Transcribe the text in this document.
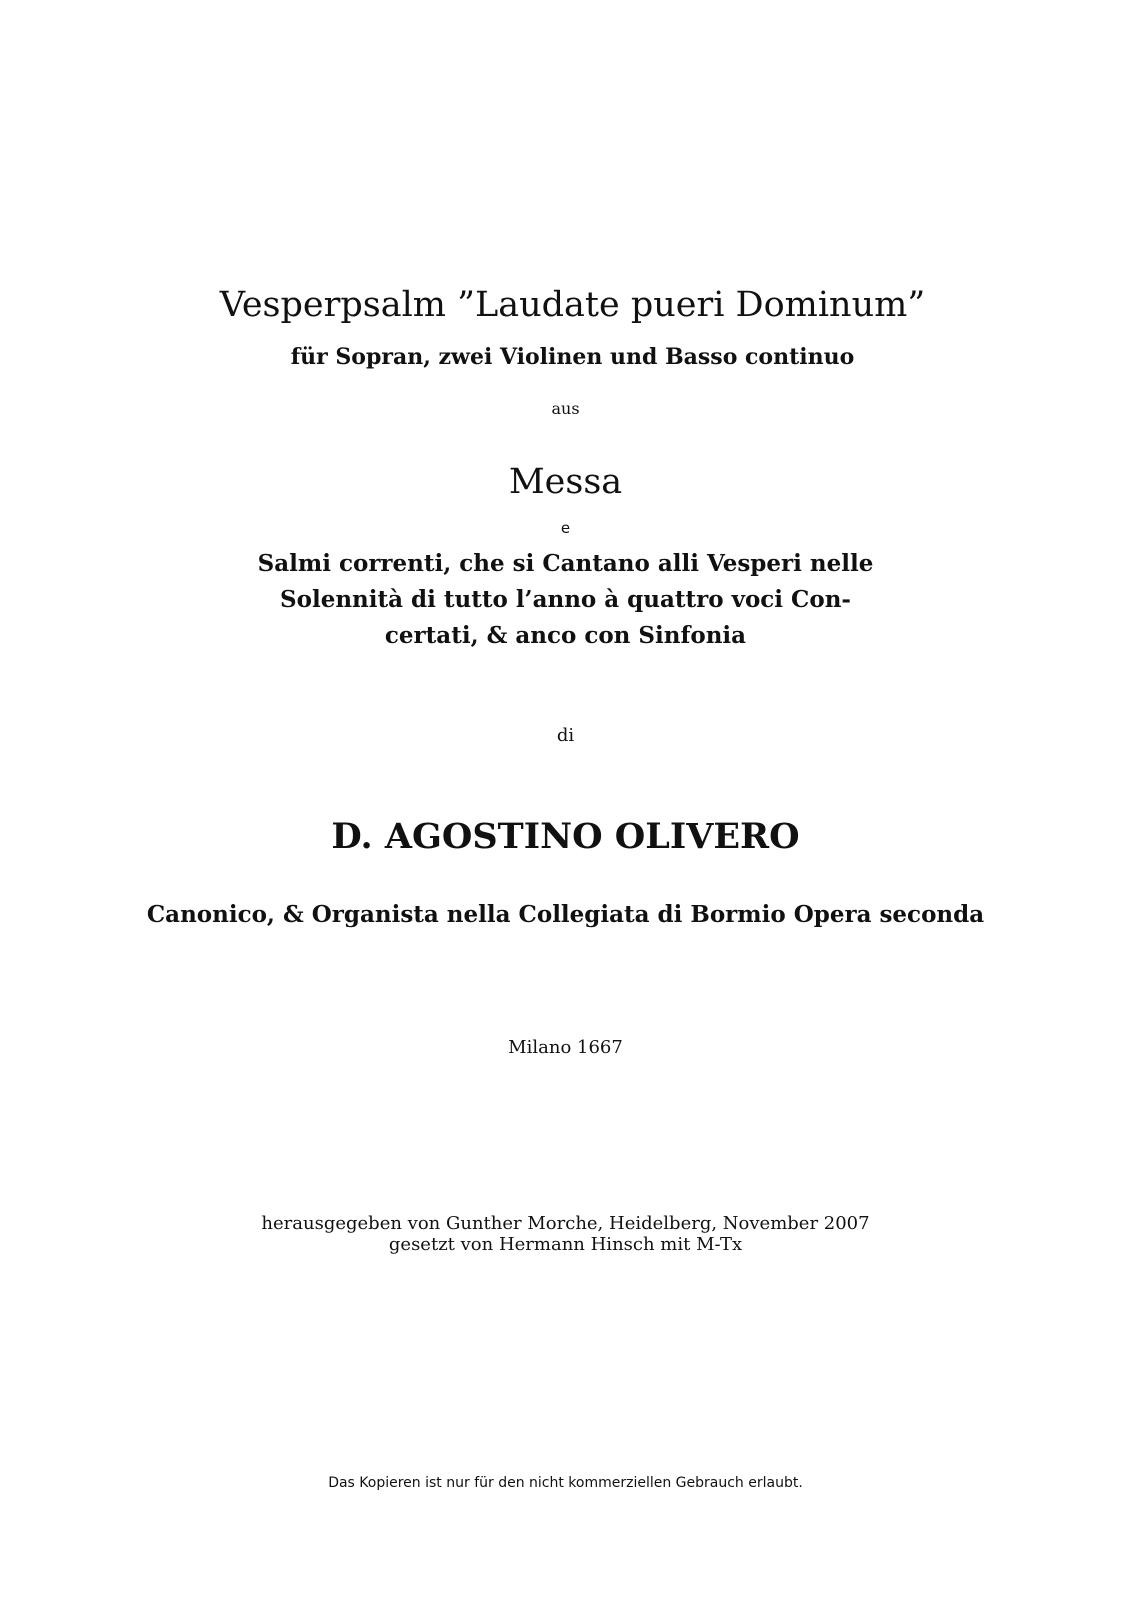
Vesperpsalm ”Laudate pueri Dominum”

für Sopran, zwei Violinen und Basso continuo

aus

Messa

e

Salmi correnti, che si Cantano alli Vesperi nelle
Solennità di tutto l’anno à quattro voci Con-
certati, & anco con Sinfonia

di

D. AGOSTINO OLIVERO

Canonico, & Organista nella Collegiata di Bormio Opera seconda

Milano 1667

herausgegeben von Gunther Morche, Heidelberg, November 2007
gesetzt von Hermann Hinsch mit M-Tx

Das Kopieren ist nur für den nicht kommerziellen Gebrauch erlaubt.
